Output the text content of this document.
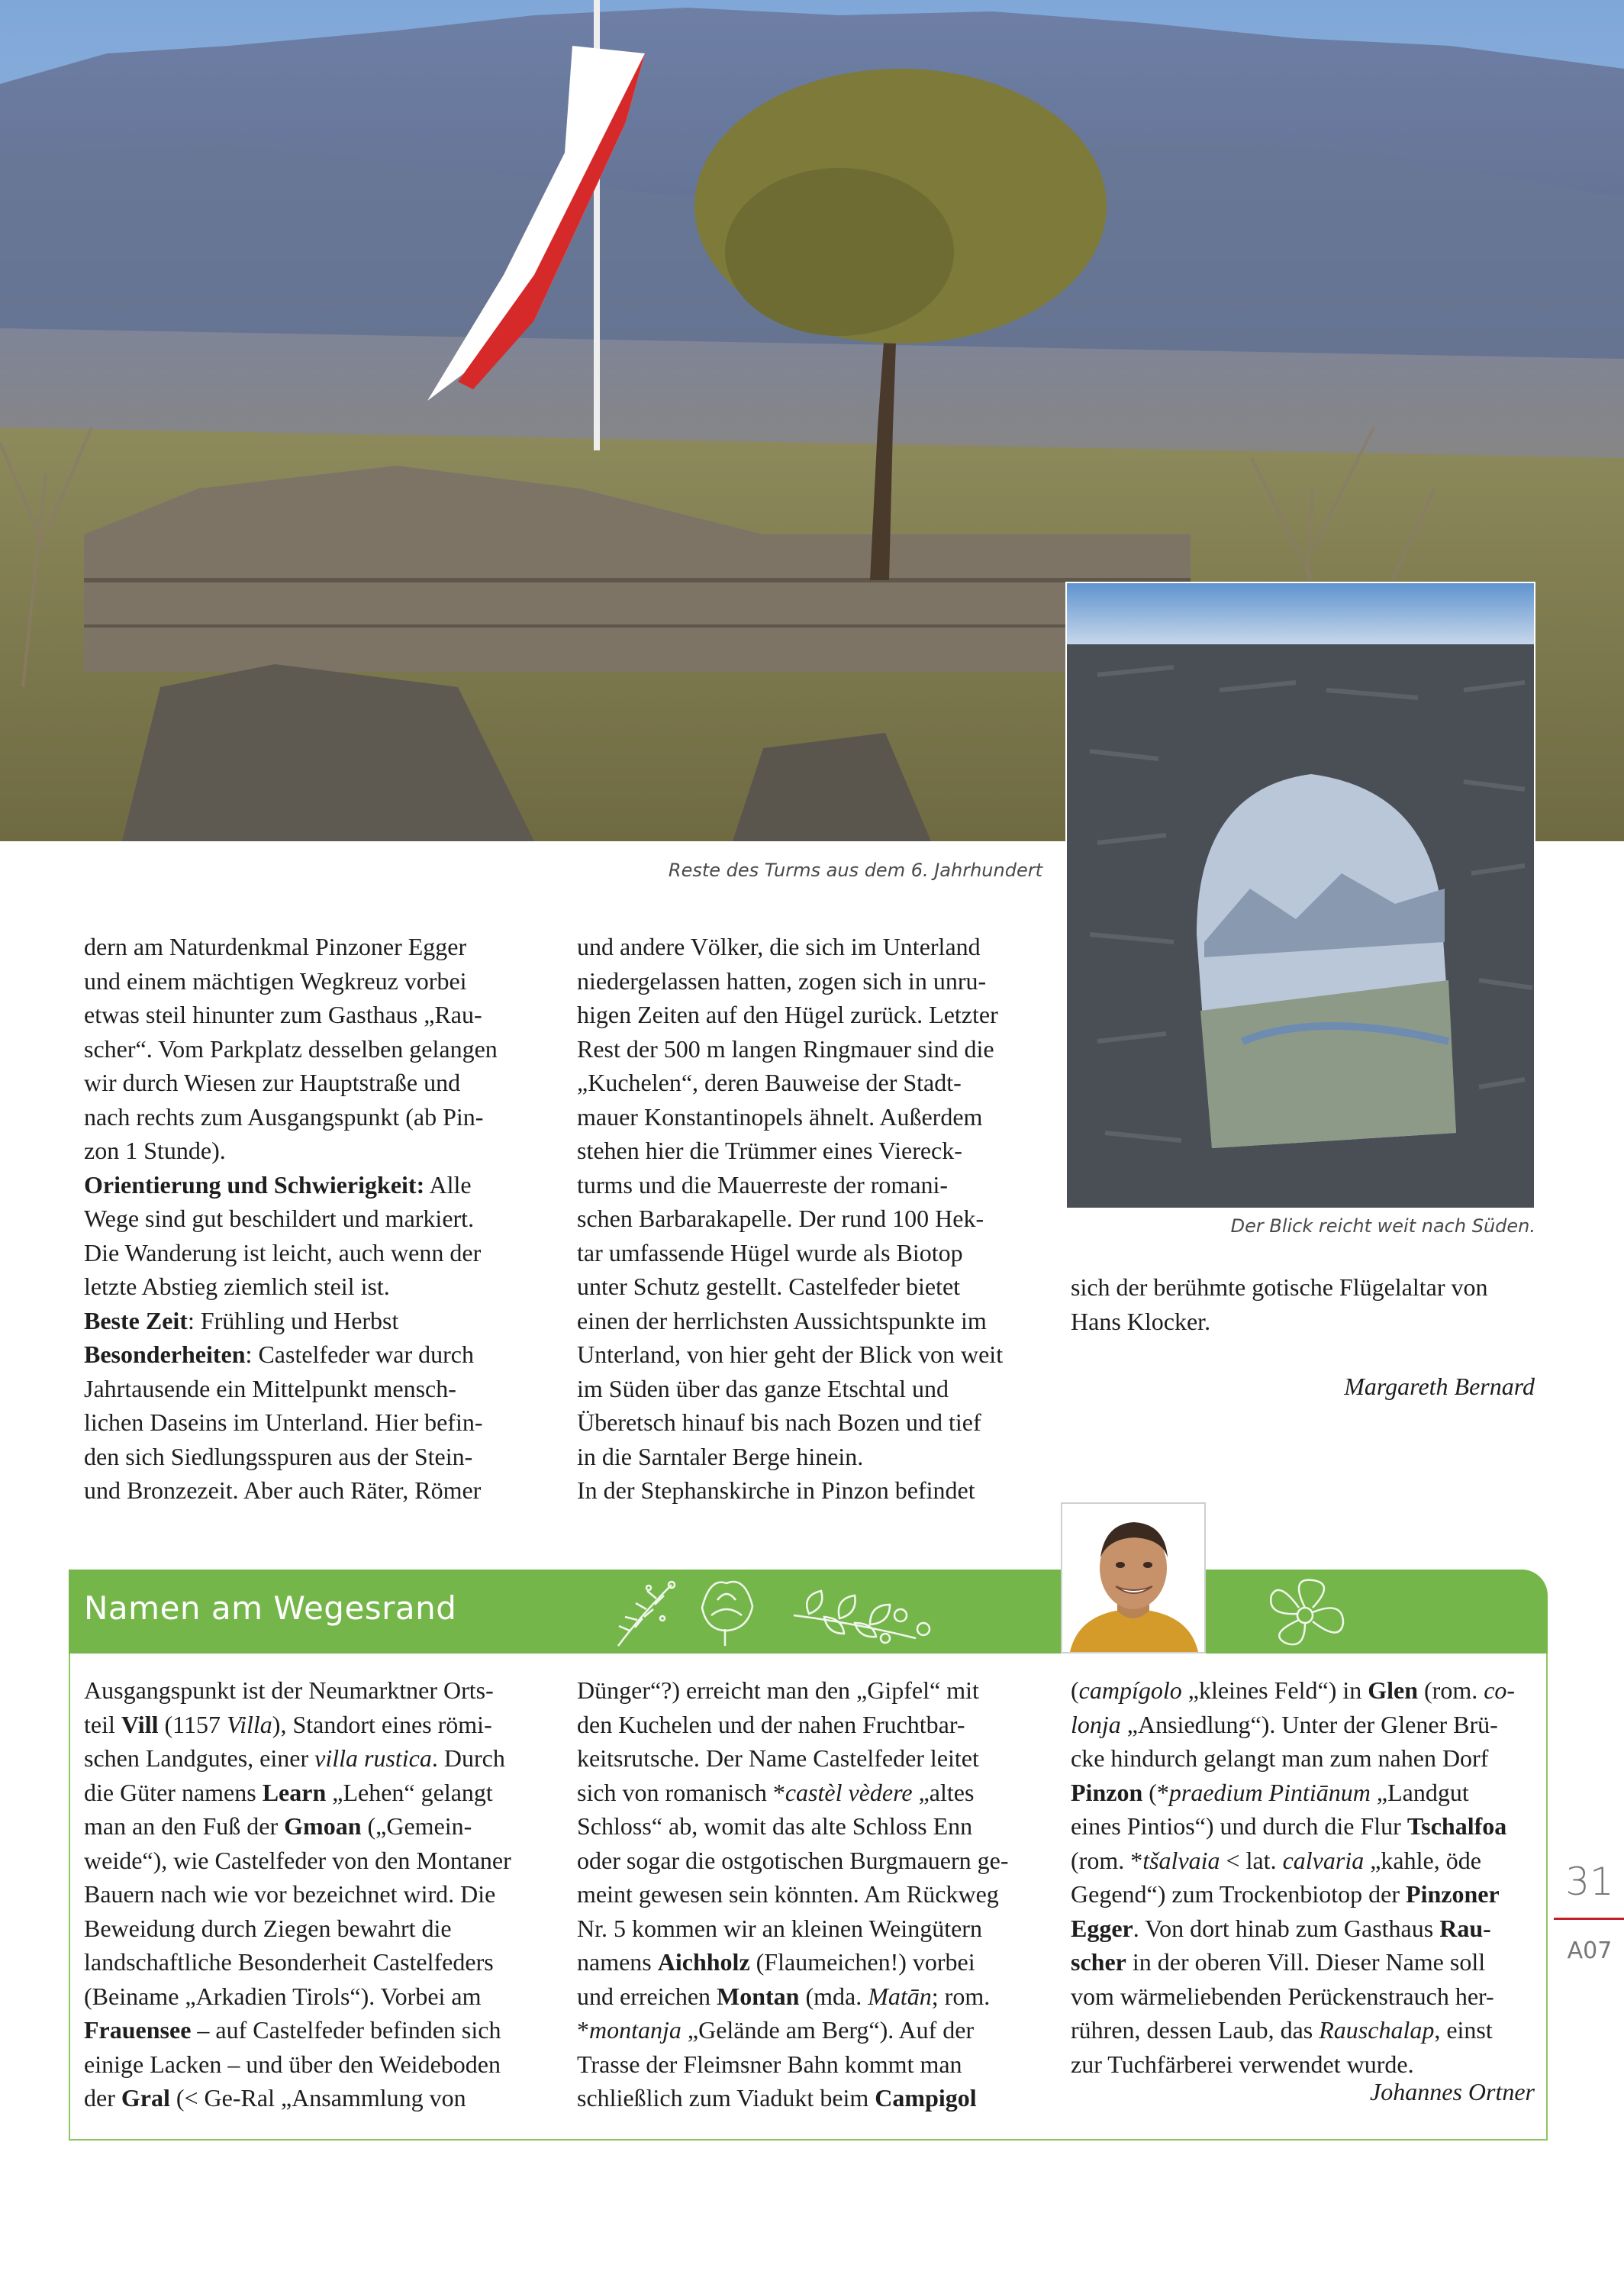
Reste des Turms aus dem 6. Jahrhundert
Der Blick reicht weit nach Süden.
dern am Naturdenkmal Pinzoner Egger
und einem mächtigen Wegkreuz vorbei
etwas steil hinunter zum Gasthaus „Rau-
scher“. Vom Parkplatz desselben gelangen
wir durch Wiesen zur Hauptstraße und
nach rechts zum Ausgangspunkt (ab Pin-
zon 1 Stunde).
Orientierung und Schwierigkeit: Alle
Wege sind gut beschildert und markiert.
Die Wanderung ist leicht, auch wenn der
letzte Abstieg ziemlich steil ist.
Beste Zeit: Frühling und Herbst
Besonderheiten: Castelfeder war durch
Jahrtausende ein Mittelpunkt mensch-
lichen Daseins im Unterland. Hier befin-
den sich Siedlungsspuren aus der Stein-
und Bronzezeit. Aber auch Räter, Römer
und andere Völker, die sich im Unterland
niedergelassen hatten, zogen sich in unru-
higen Zeiten auf den Hügel zurück. Letzter
Rest der 500 m langen Ringmauer sind die
„Kuchelen“, deren Bauweise der Stadt-
mauer Konstantinopels ähnelt. Außerdem
stehen hier die Trümmer eines Viereck-
turms und die Mauerreste der romani-
schen Barbarakapelle. Der rund 100 Hek-
tar umfassende Hügel wurde als Biotop
unter Schutz gestellt. Castelfeder bietet
einen der herrlichsten Aussichtspunkte im
Unterland, von hier geht der Blick von weit
im Süden über das ganze Etschtal und
Überetsch hinauf bis nach Bozen und tief
in die Sarntaler Berge hinein.
In der Stephanskirche in Pinzon befindet
sich der berühmte gotische Flügelaltar von
Hans Klocker.
Margareth Bernard
Namen am Wegesrand
Ausgangspunkt ist der Neumarktner Orts-
teil Vill (1157 Villa), Standort eines römi-
schen Landgutes, einer villa rustica. Durch
die Güter namens Learn „Lehen“ gelangt
man an den Fuß der Gmoan („Gemein-
weide“), wie Castelfeder von den Montaner
Bauern nach wie vor bezeichnet wird. Die
Beweidung durch Ziegen bewahrt die
landschaftliche Besonderheit Castelfeders
(Beiname „Arkadien Tirols“). Vorbei am
Frauensee – auf Castelfeder befinden sich
einige Lacken – und über den Weideboden
der Gral (< Ge-Ral „Ansammlung von
Dünger“?) erreicht man den „Gipfel“ mit
den Kuchelen und der nahen Fruchtbar-
keitsrutsche. Der Name Castelfeder leitet
sich von romanisch *castèl vèdere „altes
Schloss“ ab, womit das alte Schloss Enn
oder sogar die ostgotischen Burgmauern ge-
meint gewesen sein könnten. Am Rückweg
Nr. 5 kommen wir an kleinen Weingütern
namens Aichholz (Flaumeichen!) vorbei
und erreichen Montan (mda. Matān; rom.
*montanja „Gelände am Berg“). Auf der
Trasse der Fleimsner Bahn kommt man
schließlich zum Viadukt beim Campigol
(campígolo „kleines Feld“) in Glen (rom. co-
lonja „Ansiedlung“). Unter der Glener Brü-
cke hindurch gelangt man zum nahen Dorf
Pinzon (*praedium Pintiānum „Landgut
eines Pintios“) und durch die Flur Tschalfoa
(rom. *tšalvaia < lat. calvaria „kahle, öde
Gegend“) zum Trockenbiotop der Pinzoner
Egger. Von dort hinab zum Gasthaus Rau-
scher in der oberen Vill. Dieser Name soll
vom wärmeliebenden Perückenstrauch her-
rühren, dessen Laub, das Rauschalap, einst
zur Tuchfärberei verwendet wurde.
Johannes Ortner
31
A07
